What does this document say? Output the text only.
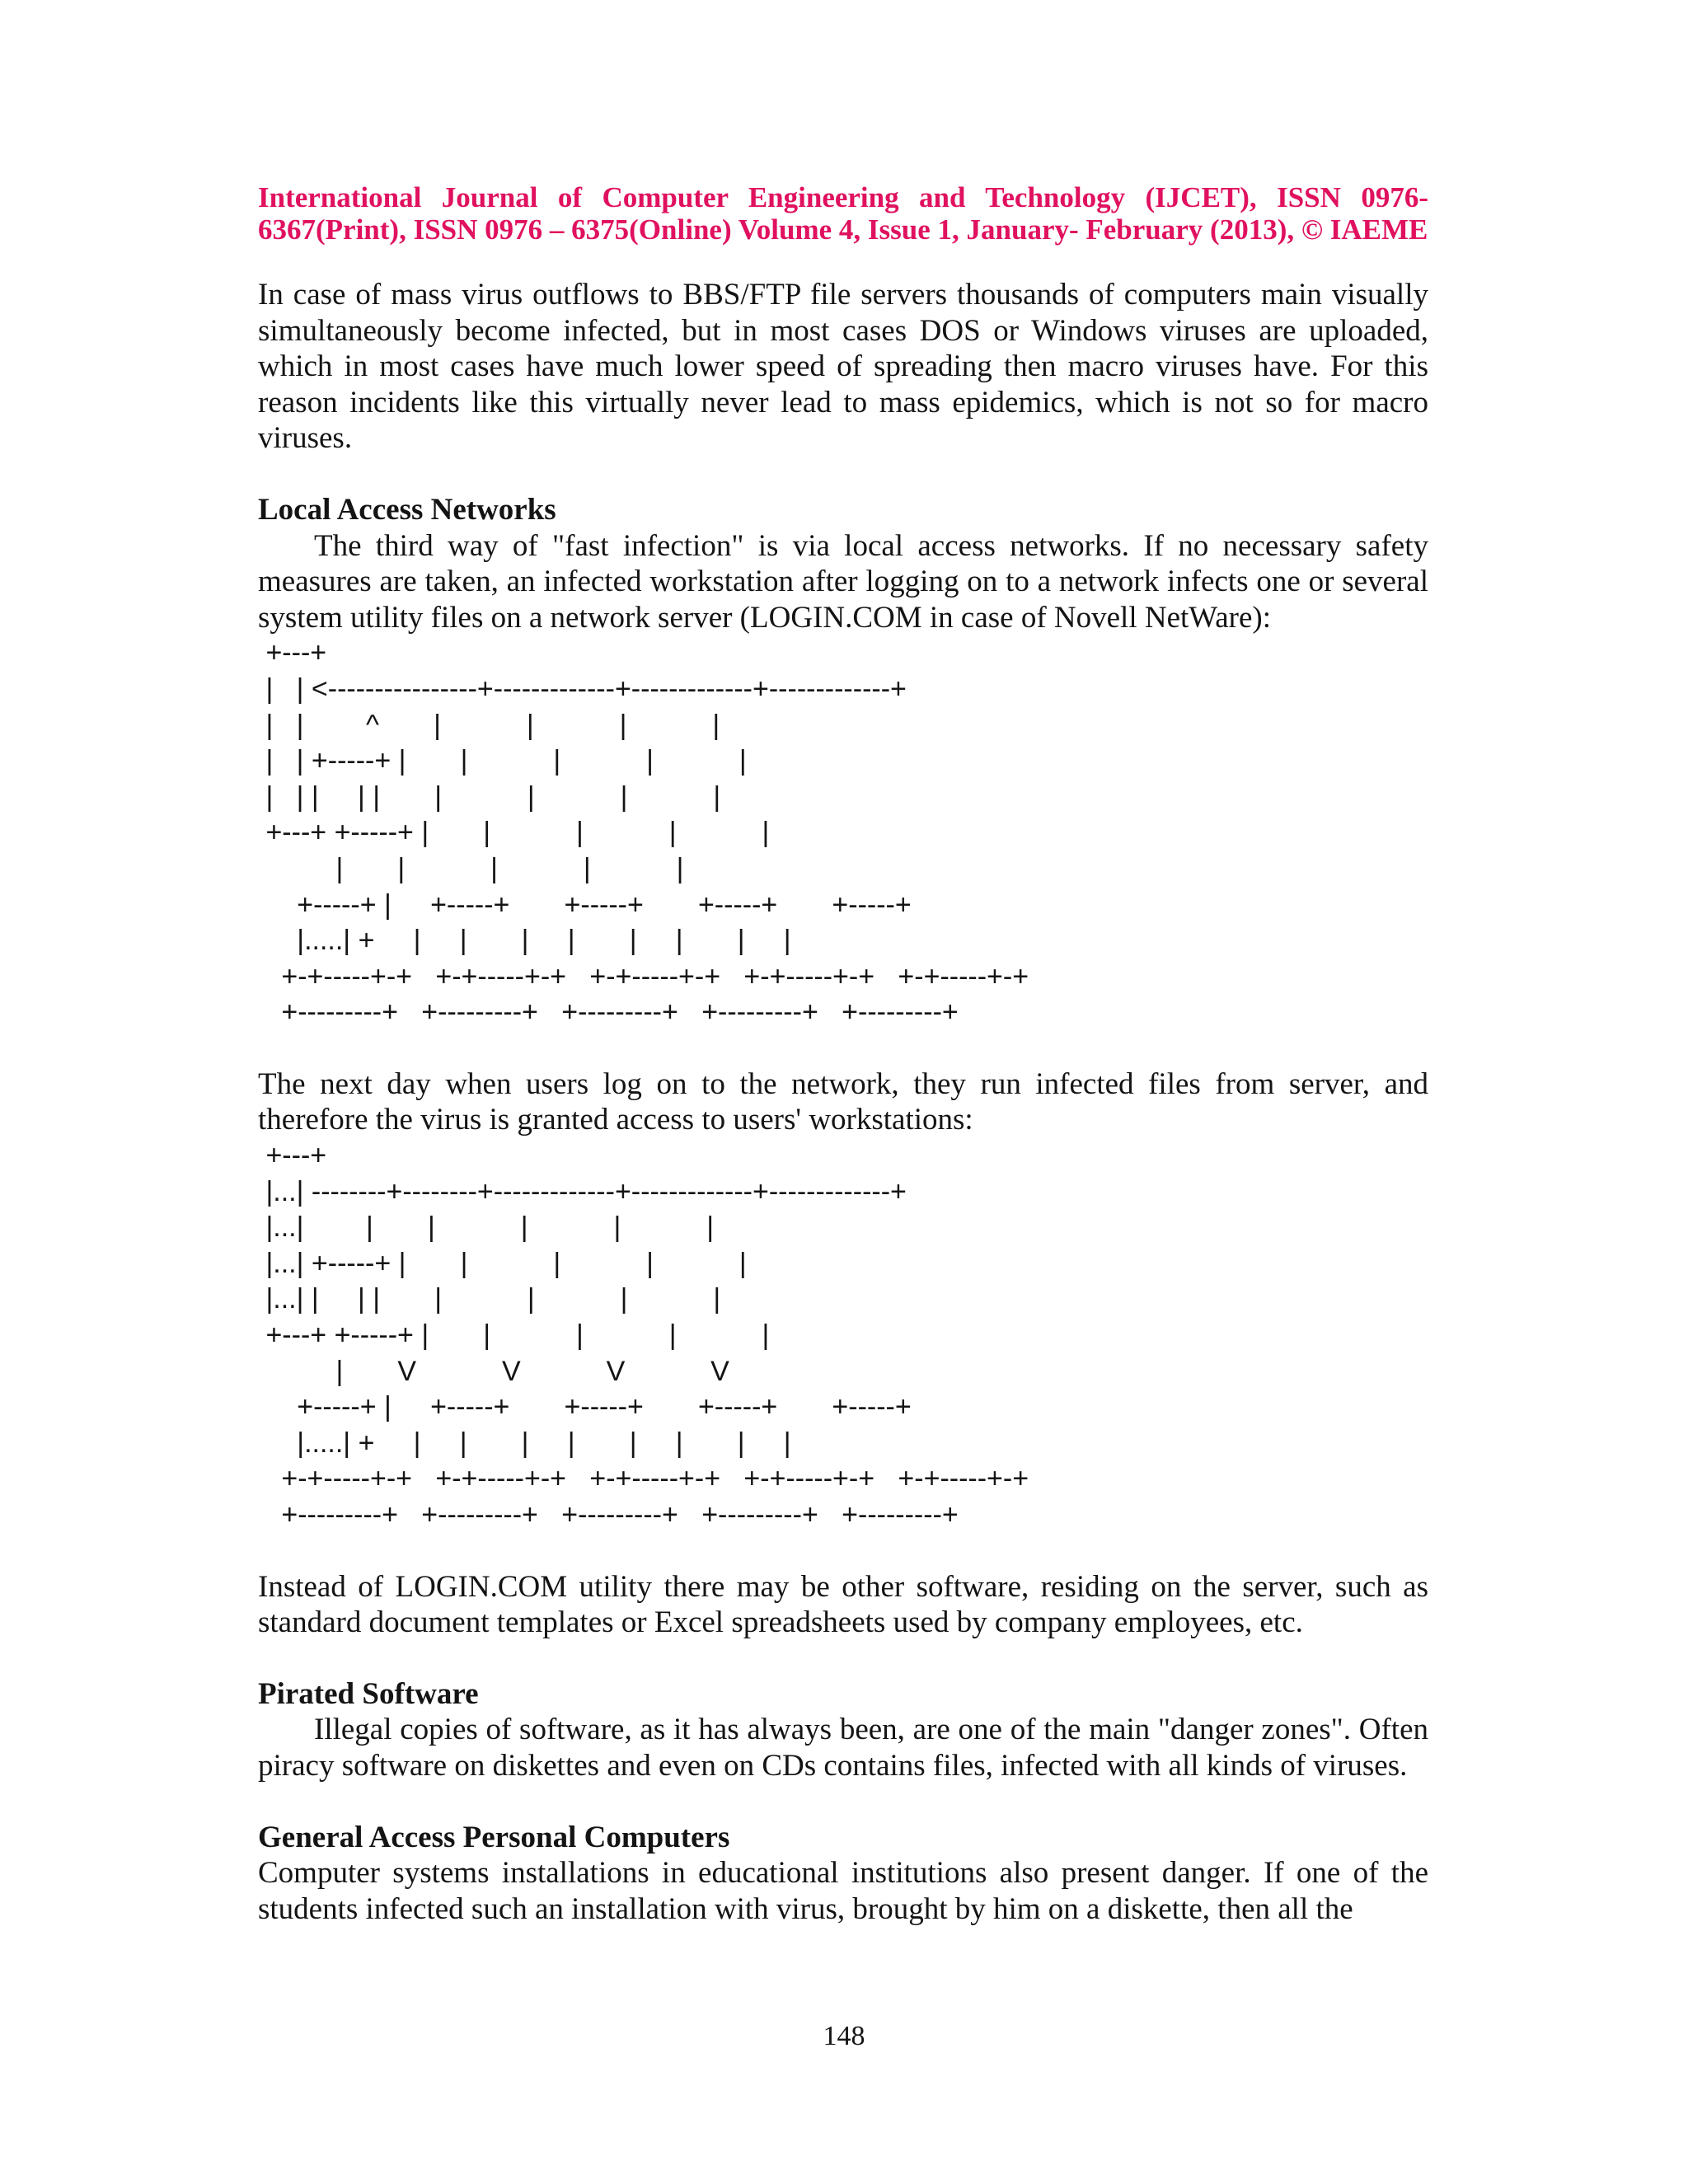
International Journal of Computer Engineering and Technology (IJCET), ISSN 0976-6367(Print), ISSN 0976 – 6375(Online) Volume 4, Issue 1, January- February (2013), © IAEME

In case of mass virus outflows to BBS/FTP file servers thousands of computers main visually simultaneously become infected, but in most cases DOS or Windows viruses are uploaded, which in most cases have much lower speed of spreading then macro viruses have. For this reason incidents like this virtually never lead to mass epidemics, which is not so for macro viruses.

Local Access Networks

The third way of "fast infection" is via local access networks. If no necessary safety measures are taken, an infected workstation after logging on to a network infects one or several system utility files on a network server (LOGIN.COM in case of Novell NetWare):

+---+
|   | <----------------+-------------+-------------+-------------+
|   |        ^       |           |           |           |
|   | +-----+ |       |           |           |           |
|   | |     | |       |           |           |           |
+---+ +-----+ |       |           |           |           |
|       |           |           |           |
+-----+ |     +-----+       +-----+       +-----+       +-----+
|.....| +     |     |       |     |       |     |       |     |
+-+-----+-+   +-+-----+-+   +-+-----+-+   +-+-----+-+   +-+-----+-+
+---------+   +---------+   +---------+   +---------+   +---------+

The next day when users log on to the network, they run infected files from server, and therefore the virus is granted access to users' workstations:

+---+
|...| --------+--------+-------------+-------------+-------------+
|...|        |       |           |           |           |
|...| +-----+ |       |           |           |           |
|...| |     | |       |           |           |           |
+---+ +-----+ |       |           |           |           |
|       V           V           V           V
+-----+ |     +-----+       +-----+       +-----+       +-----+
|.....| +     |     |       |     |       |     |       |     |
+-+-----+-+   +-+-----+-+   +-+-----+-+   +-+-----+-+   +-+-----+-+
+---------+   +---------+   +---------+   +---------+   +---------+

Instead of LOGIN.COM utility there may be other software, residing on the server, such as standard document templates or Excel spreadsheets used by company employees, etc.

Pirated Software

Illegal copies of software, as it has always been, are one of the main "danger zones". Often piracy software on diskettes and even on CDs contains files, infected with all kinds of viruses.

General Access Personal Computers

Computer systems installations in educational institutions also present danger. If one of the students infected such an installation with virus, brought by him on a diskette, then all the

148
